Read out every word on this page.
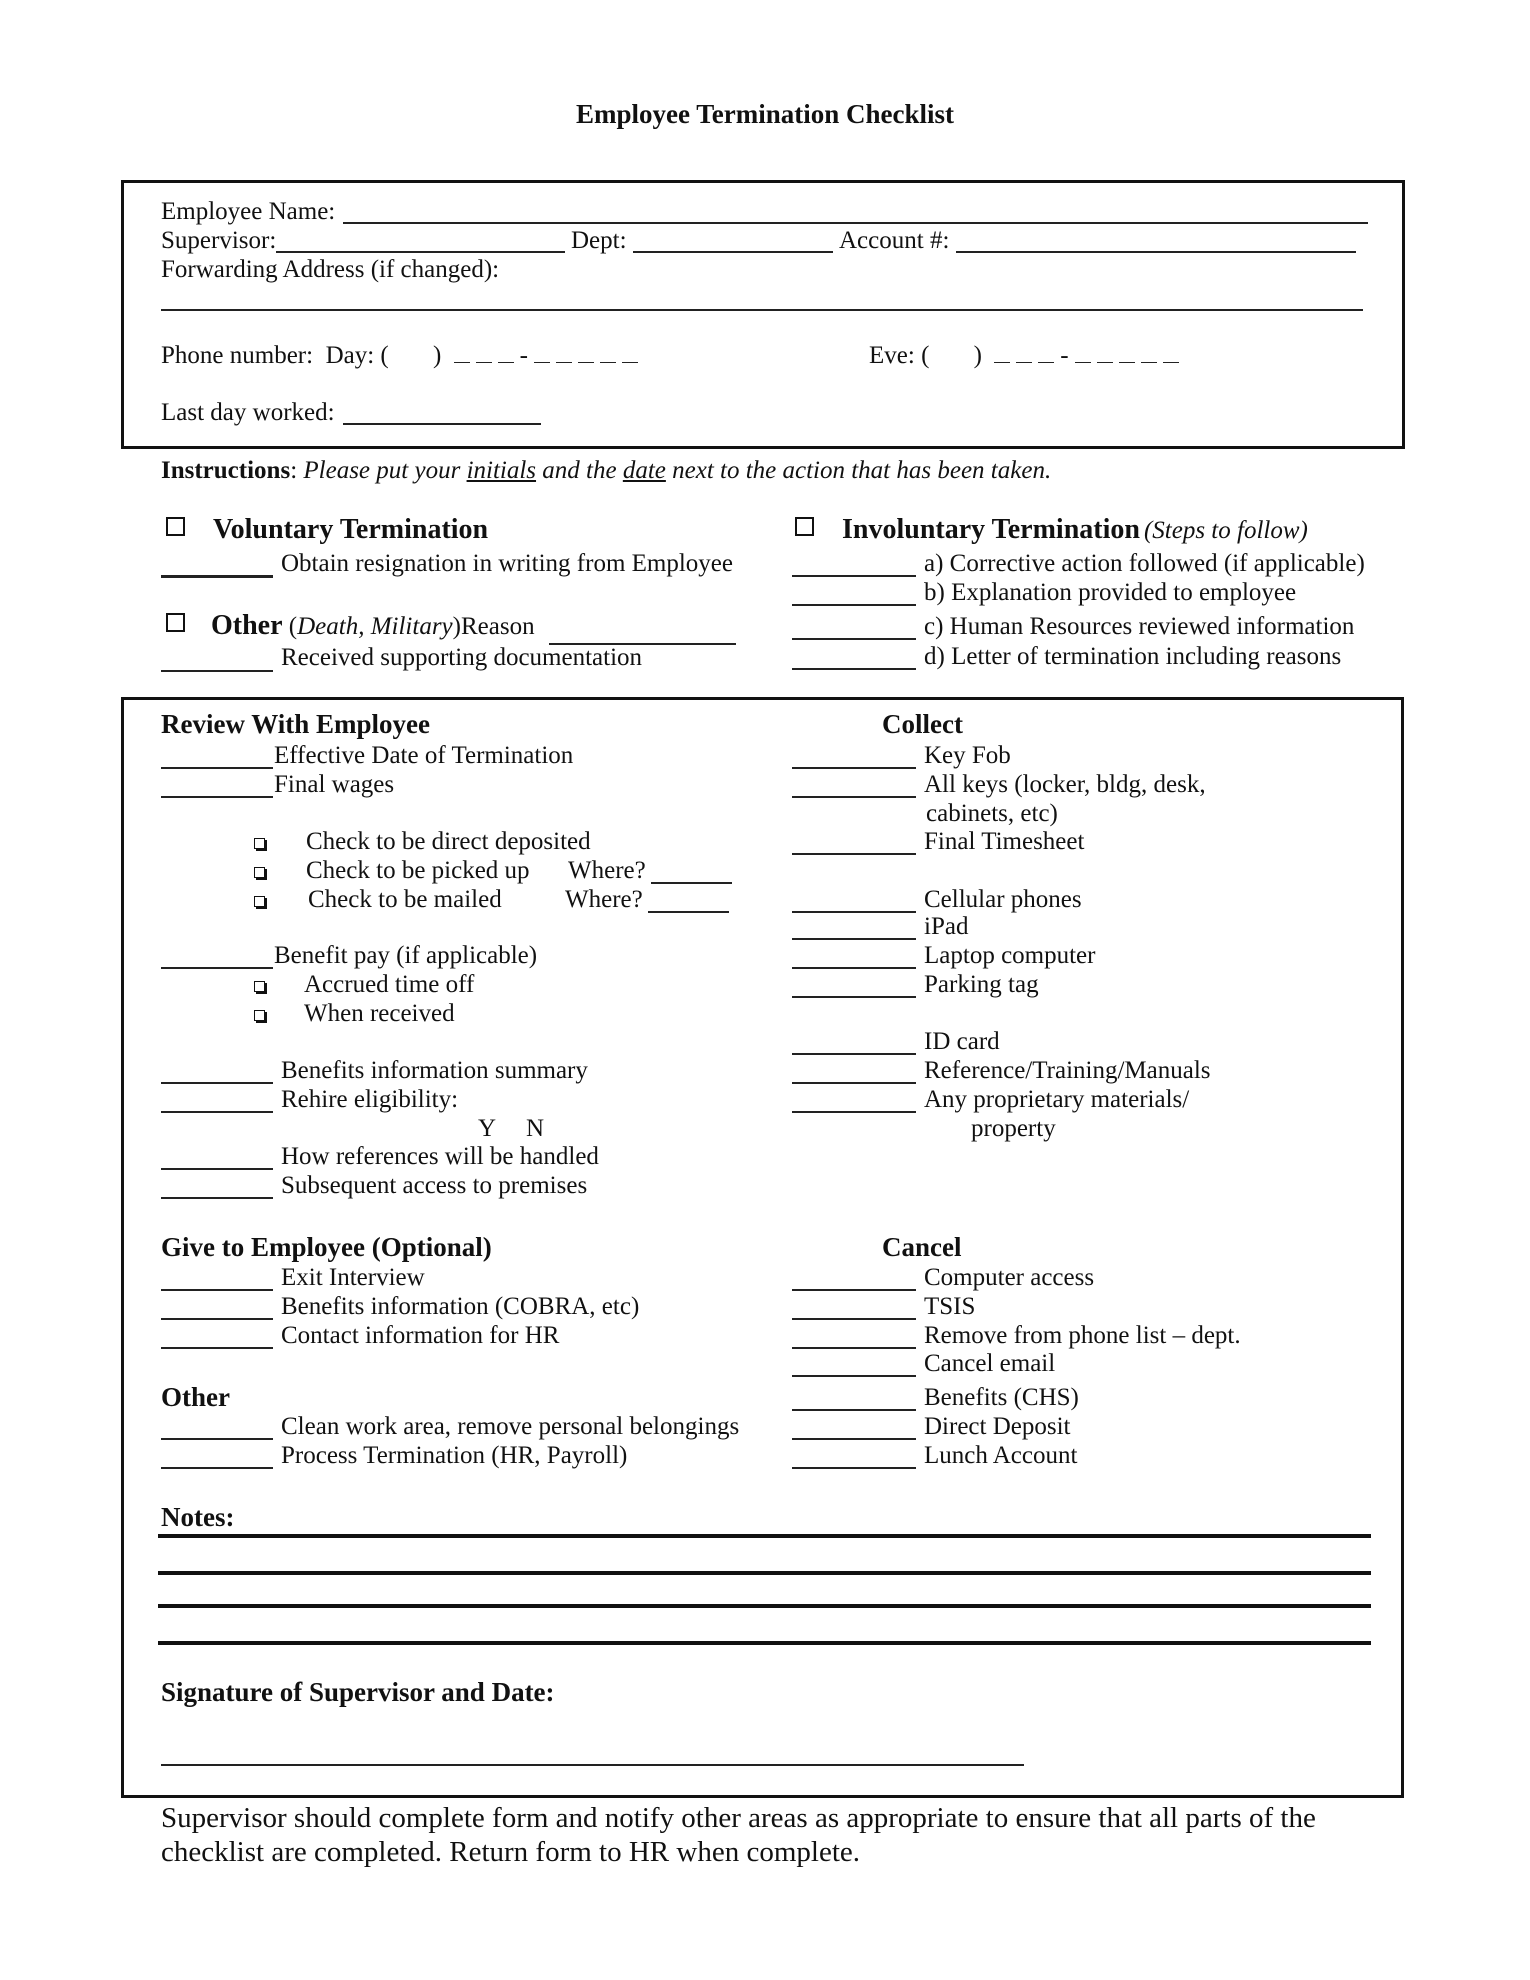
Employee Termination Checklist
Employee Name:
Supervisor:	Dept:	Account #:
Forwarding Address (if changed):
Phone number: Day: ( )	-	Eve: ( )	-
Last day worked:
Instructions: Please put your initials and the date next to the action that has been taken.
Voluntary Termination
Obtain resignation in writing from Employee
Other (Death, Military)Reason
Received supporting documentation
Involuntary Termination (Steps to follow)
a) Corrective action followed (if applicable)
b) Explanation provided to employee
c) Human Resources reviewed information
d) Letter of termination including reasons
Review With Employee	Collect
Effective Date of Termination
Final wages
Check to be direct deposited
Check to be picked up Where?
Check to be mailed	Where?
Benefit pay (if applicable)
Accrued time off
When received
Benefits information summary
Rehire eligibility:
Y N
How references will be handled
Subsequent access to premises
Key Fob
All keys (locker, bldg, desk,
cabinets, etc)
Final Timesheet
Cellular phones
iPad
Laptop computer
Parking tag
ID card
Reference/Training/Manuals
Any proprietary materials/
property
Give to Employee (Optional)
Exit Interview
Benefits information (COBRA, etc)
Contact information for HR
Other
Clean work area, remove personal belongings
Process Termination (HR, Payroll)
Cancel
Computer access
TSIS
Remove from phone list – dept.
Cancel email
Benefits (CHS)
Direct Deposit
Lunch Account
Notes:
Signature of Supervisor and Date:
Supervisor should complete form and notify other areas as appropriate to ensure that all parts of the
checklist are completed. Return form to HR when complete.
